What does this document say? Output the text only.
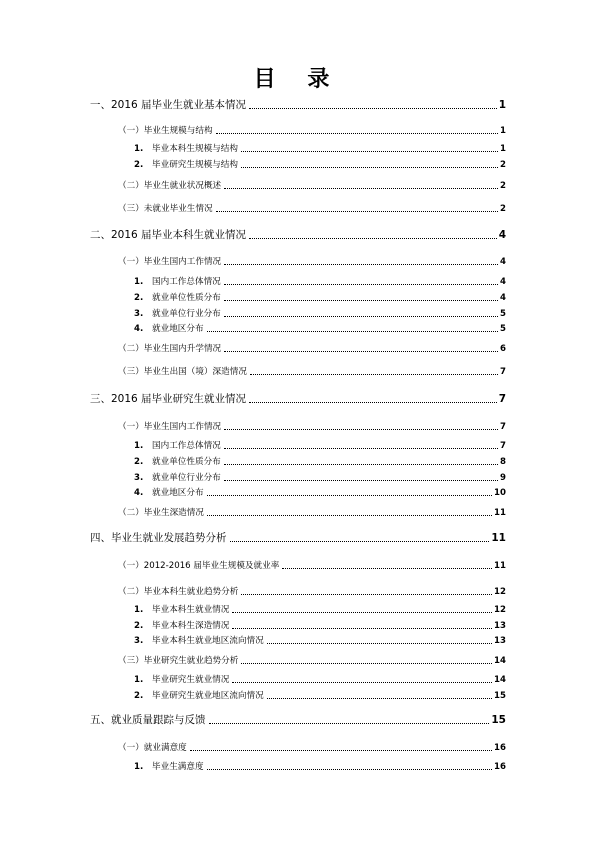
目 录
一、2016 届毕业生就业基本情况	1
（一）毕业生规模与结构	1
1. 毕业本科生规模与结构	1
2. 毕业研究生规模与结构	2
（二）毕业生就业状况概述	2
（三）未就业毕业生情况	2
二、2016 届毕业本科生就业情况	4
（一）毕业生国内工作情况	4
1. 国内工作总体情况	4
2. 就业单位性质分布	4
3. 就业单位行业分布	5
4. 就业地区分布	5
（二）毕业生国内升学情况	6
（三）毕业生出国（境）深造情况	7
三、2016 届毕业研究生就业情况	7
（一）毕业生国内工作情况	7
1. 国内工作总体情况	7
2. 就业单位性质分布	8
3. 就业单位行业分布	9
4. 就业地区分布	10
（二）毕业生深造情况	11
四、毕业生就业发展趋势分析	11
（一）2012-2016 届毕业生规模及就业率	11
（二）毕业本科生就业趋势分析	12
1. 毕业本科生就业情况	12
2. 毕业本科生深造情况	13
3. 毕业本科生就业地区流向情况	13
（三）毕业研究生就业趋势分析	14
1. 毕业研究生就业情况	14
2. 毕业研究生就业地区流向情况	15
五、就业质量跟踪与反馈	15
（一）就业满意度	16
1. 毕业生满意度	16
